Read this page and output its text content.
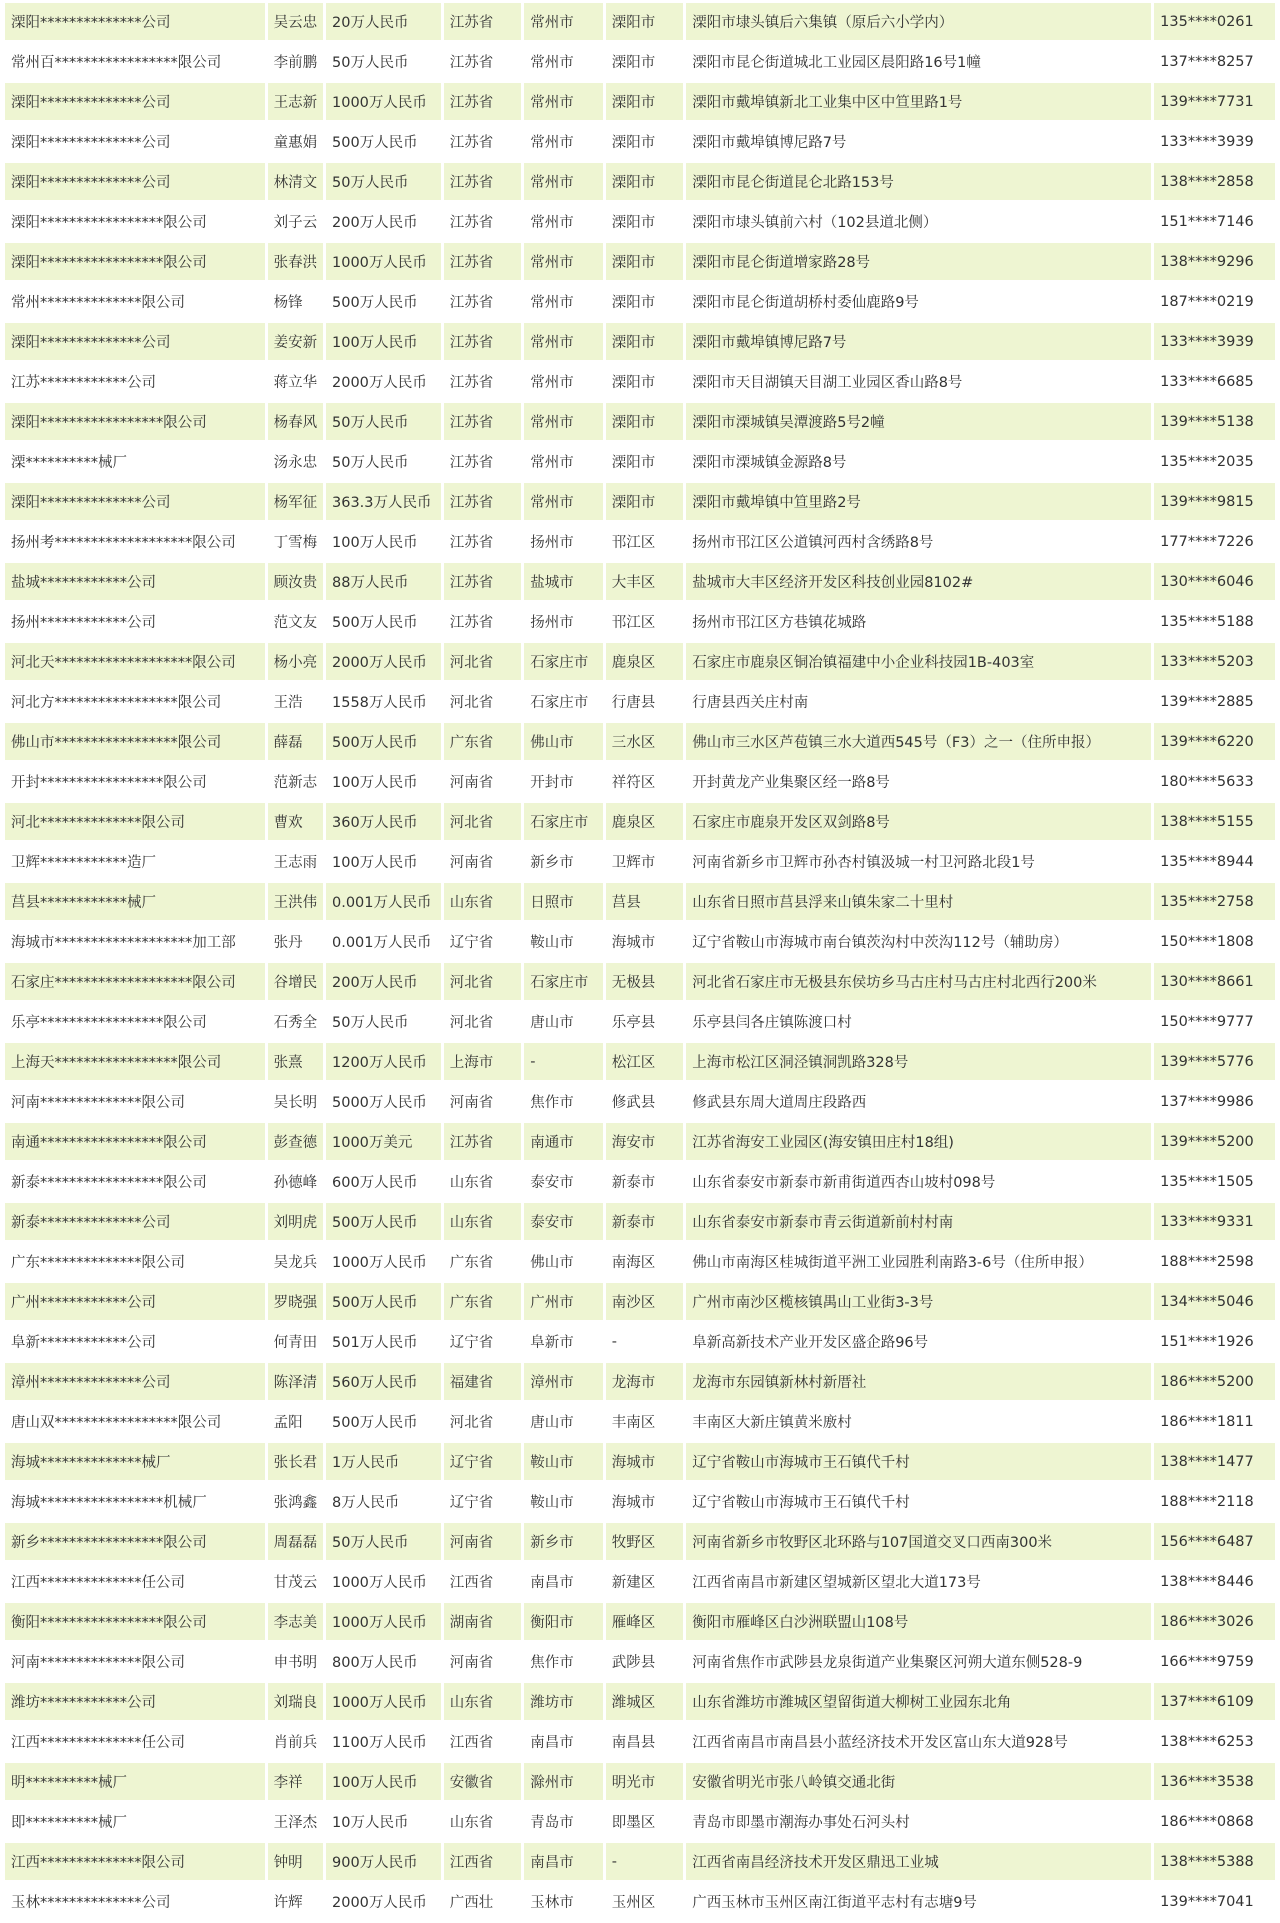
溧阳**************公司	吴云忠	20万人民币	江苏省	常州市	溧阳市	溧阳市埭头镇后六集镇（原后六小学内）	135****0261
常州百*****************限公司	李前鹏	50万人民币	江苏省	常州市	溧阳市	溧阳市昆仑街道城北工业园区晨阳路16号1幢	137****8257
溧阳**************公司	王志新	1000万人民币	江苏省	常州市	溧阳市	溧阳市戴埠镇新北工业集中区中笪里路1号	139****7731
溧阳**************公司	童惠娟	500万人民币	江苏省	常州市	溧阳市	溧阳市戴埠镇博尼路7号	133****3939
溧阳**************公司	林清文	50万人民币	江苏省	常州市	溧阳市	溧阳市昆仑街道昆仑北路153号	138****2858
溧阳*****************限公司	刘子云	200万人民币	江苏省	常州市	溧阳市	溧阳市埭头镇前六村（102县道北侧）	151****7146
溧阳*****************限公司	张春洪	1000万人民币	江苏省	常州市	溧阳市	溧阳市昆仑街道增家路28号	138****9296
常州**************限公司	杨锋	500万人民币	江苏省	常州市	溧阳市	溧阳市昆仑街道胡桥村委仙鹿路9号	187****0219
溧阳**************公司	姜安新	100万人民币	江苏省	常州市	溧阳市	溧阳市戴埠镇博尼路7号	133****3939
江苏************公司	蒋立华	2000万人民币	江苏省	常州市	溧阳市	溧阳市天目湖镇天目湖工业园区香山路8号	133****6685
溧阳*****************限公司	杨春风	50万人民币	江苏省	常州市	溧阳市	溧阳市溧城镇吴潭渡路5号2幢	139****5138
溧**********械厂	汤永忠	50万人民币	江苏省	常州市	溧阳市	溧阳市溧城镇金源路8号	135****2035
溧阳**************公司	杨军征	363.3万人民币	江苏省	常州市	溧阳市	溧阳市戴埠镇中笪里路2号	139****9815
扬州考*******************限公司	丁雪梅	100万人民币	江苏省	扬州市	邗江区	扬州市邗江区公道镇河西村含绣路8号	177****7226
盐城************公司	顾汝贵	88万人民币	江苏省	盐城市	大丰区	盐城市大丰区经济开发区科技创业园8102#	130****6046
扬州************公司	范文友	500万人民币	江苏省	扬州市	邗江区	扬州市邗江区方巷镇花城路	135****5188
河北天*******************限公司	杨小亮	2000万人民币	河北省	石家庄市	鹿泉区	石家庄市鹿泉区铜冶镇福建中小企业科技园1B-403室	133****5203
河北方*****************限公司	王浩	1558万人民币	河北省	石家庄市	行唐县	行唐县西关庄村南	139****2885
佛山市*****************限公司	薛磊	500万人民币	广东省	佛山市	三水区	佛山市三水区芦苞镇三水大道西545号（F3）之一（住所申报）	139****6220
开封*****************限公司	范新志	100万人民币	河南省	开封市	祥符区	开封黄龙产业集聚区经一路8号	180****5633
河北**************限公司	曹欢	360万人民币	河北省	石家庄市	鹿泉区	石家庄市鹿泉开发区双剑路8号	138****5155
卫辉************造厂	王志雨	100万人民币	河南省	新乡市	卫辉市	河南省新乡市卫辉市孙杏村镇汲城一村卫河路北段1号	135****8944
莒县************械厂	王洪伟	0.001万人民币	山东省	日照市	莒县	山东省日照市莒县浮来山镇朱家二十里村	135****2758
海城市*******************加工部	张丹	0.001万人民币	辽宁省	鞍山市	海城市	辽宁省鞍山市海城市南台镇茨沟村中茨沟112号（辅助房）	150****1808
石家庄*******************限公司	谷增民	200万人民币	河北省	石家庄市	无极县	河北省石家庄市无极县东侯坊乡马古庄村马古庄村北西行200米	130****8661
乐亭*****************限公司	石秀全	50万人民币	河北省	唐山市	乐亭县	乐亭县闫各庄镇陈渡口村	150****9777
上海天*****************限公司	张熹	1200万人民币	上海市	-	松江区	上海市松江区洞泾镇洞凯路328号	139****5776
河南**************限公司	吴长明	5000万人民币	河南省	焦作市	修武县	修武县东周大道周庄段路西	137****9986
南通*****************限公司	彭查德	1000万美元	江苏省	南通市	海安市	江苏省海安工业园区(海安镇田庄村18组)	139****5200
新泰*****************限公司	孙德峰	600万人民币	山东省	泰安市	新泰市	山东省泰安市新泰市新甫街道西杏山坡村098号	135****1505
新泰**************公司	刘明虎	500万人民币	山东省	泰安市	新泰市	山东省泰安市新泰市青云街道新前村村南	133****9331
广东**************限公司	吴龙兵	1000万人民币	广东省	佛山市	南海区	佛山市南海区桂城街道平洲工业园胜利南路3-6号（住所申报）	188****2598
广州************公司	罗晓强	500万人民币	广东省	广州市	南沙区	广州市南沙区榄核镇禺山工业街3-3号	134****5046
阜新************公司	何青田	501万人民币	辽宁省	阜新市	-	阜新高新技术产业开发区盛企路96号	151****1926
漳州**************公司	陈泽清	560万人民币	福建省	漳州市	龙海市	龙海市东园镇新林村新厝社	186****5200
唐山双*****************限公司	孟阳	500万人民币	河北省	唐山市	丰南区	丰南区大新庄镇黄米廒村	186****1811
海城**************械厂	张长君	1万人民币	辽宁省	鞍山市	海城市	辽宁省鞍山市海城市王石镇代千村	138****1477
海城*****************机械厂	张鸿鑫	8万人民币	辽宁省	鞍山市	海城市	辽宁省鞍山市海城市王石镇代千村	188****2118
新乡*****************限公司	周磊磊	50万人民币	河南省	新乡市	牧野区	河南省新乡市牧野区北环路与107国道交叉口西南300米	156****6487
江西**************任公司	甘茂云	1000万人民币	江西省	南昌市	新建区	江西省南昌市新建区望城新区望北大道173号	138****8446
衡阳*****************限公司	李志美	1000万人民币	湖南省	衡阳市	雁峰区	衡阳市雁峰区白沙洲联盟山108号	186****3026
河南**************限公司	申书明	800万人民币	河南省	焦作市	武陟县	河南省焦作市武陟县龙泉街道产业集聚区河朔大道东侧528-9	166****9759
潍坊************公司	刘瑞良	1000万人民币	山东省	潍坊市	潍城区	山东省潍坊市潍城区望留街道大柳树工业园东北角	137****6109
江西**************任公司	肖前兵	1100万人民币	江西省	南昌市	南昌县	江西省南昌市南昌县小蓝经济技术开发区富山东大道928号	138****6253
明**********械厂	李祥	100万人民币	安徽省	滁州市	明光市	安徽省明光市张八岭镇交通北街	136****3538
即**********械厂	王泽杰	10万人民币	山东省	青岛市	即墨区	青岛市即墨市潮海办事处石河头村	186****0868
江西**************限公司	钟明	900万人民币	江西省	南昌市	-	江西省南昌经济技术开发区鼎迅工业城	138****5388
玉林**************公司	许辉	2000万人民币	广西壮	玉林市	玉州区	广西玉林市玉州区南江街道平志村有志塘9号	139****7041
